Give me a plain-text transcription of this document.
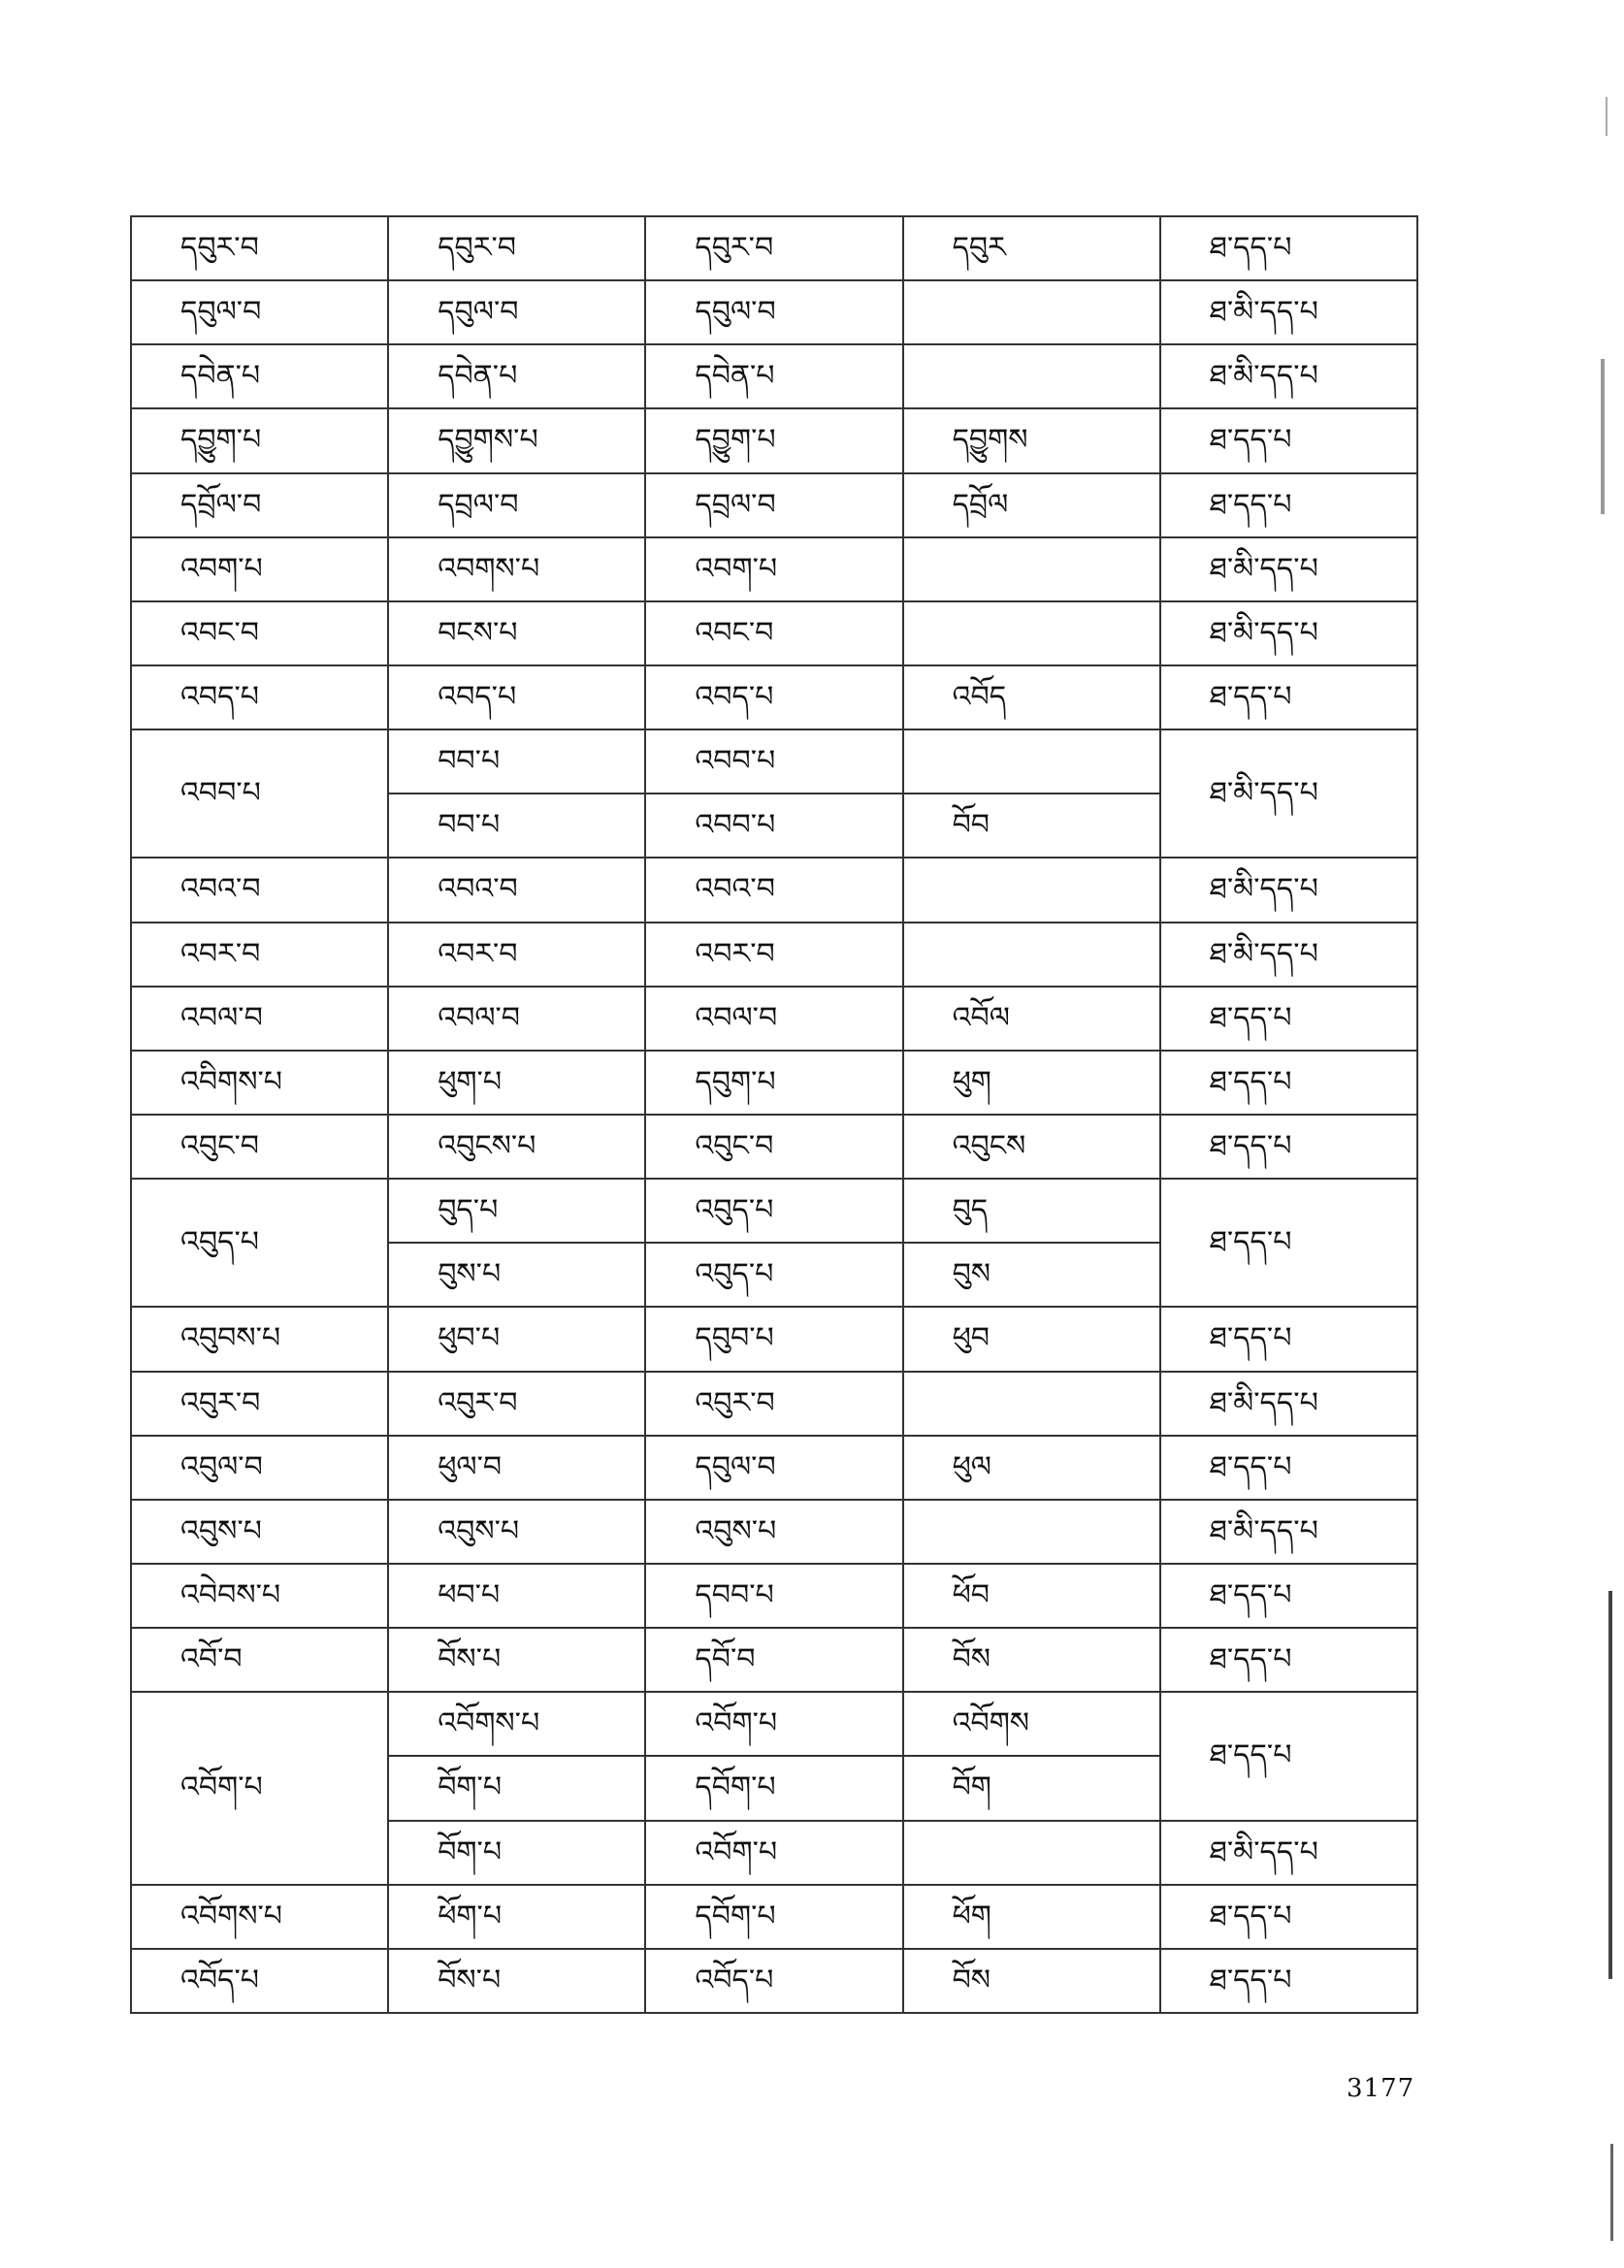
དབུར་བ	དབུར་བ	དབུར་བ	དབུར	ཐ་དད་པ
དབུལ་བ	དབུལ་བ	དབུལ་བ		ཐ་མི་དད་པ
དབེན་པ	དབེན་པ	དབེན་པ		ཐ་མི་དད་པ
དབྱུག་པ	དབྱུགས་པ	དབྱུག་པ	དབྱུགས	ཐ་དད་པ
དབྲོལ་བ	དབྲལ་བ	དབྲལ་བ	དབྲོལ	ཐ་དད་པ
འབག་པ	འབགས་པ	འབག་པ		ཐ་མི་དད་པ
འབང་བ	བངས་པ	འབང་བ		ཐ་མི་དད་པ
འབད་པ	འབད་པ	འབད་པ	འབོད	ཐ་དད་པ
འབབ་པ	བབ་པ	འབབ་པ		ཐ་མི་དད་པ
	བབ་པ	འབབ་པ	བོབ	
འབའ་བ	འབའ་བ	འབའ་བ		ཐ་མི་དད་པ
འབར་བ	འབར་བ	འབར་བ		ཐ་མི་དད་པ
འབལ་བ	འབལ་བ	འབལ་བ	འབོལ	ཐ་དད་པ
འབིགས་པ	ཕུག་པ	དབུག་པ	ཕུག	ཐ་དད་པ
འབུང་བ	འབུངས་པ	འབུང་བ	འབུངས	ཐ་དད་པ
འབུད་པ	བུད་པ	འབུད་པ	བུད	ཐ་དད་པ
	བུས་པ	འབུད་པ	བུས	
འབུབས་པ	ཕུབ་པ	དབུབ་པ	ཕུབ	ཐ་དད་པ
འབུར་བ	འབུར་བ	འབུར་བ		ཐ་མི་དད་པ
འབུལ་བ	ཕུལ་བ	དབུལ་བ	ཕུལ	ཐ་དད་པ
འབུས་པ	འབུས་པ	འབུས་པ		ཐ་མི་དད་པ
འབེབས་པ	ཕབ་པ	དབབ་པ	ཕོབ	ཐ་དད་པ
འབོ་བ	བོས་པ	དབོ་བ	བོས	ཐ་དད་པ
འབོག་པ	འབོགས་པ	འབོག་པ	འབོགས	ཐ་དད་པ
	བོག་པ	དབོག་པ	བོག	
	བོག་པ	འབོག་པ		ཐ་མི་དད་པ
འབོགས་པ	ཕོག་པ	དབོག་པ	ཕོག	ཐ་དད་པ
འབོད་པ	བོས་པ	འབོད་པ	བོས	ཐ་དད་པ
3177
